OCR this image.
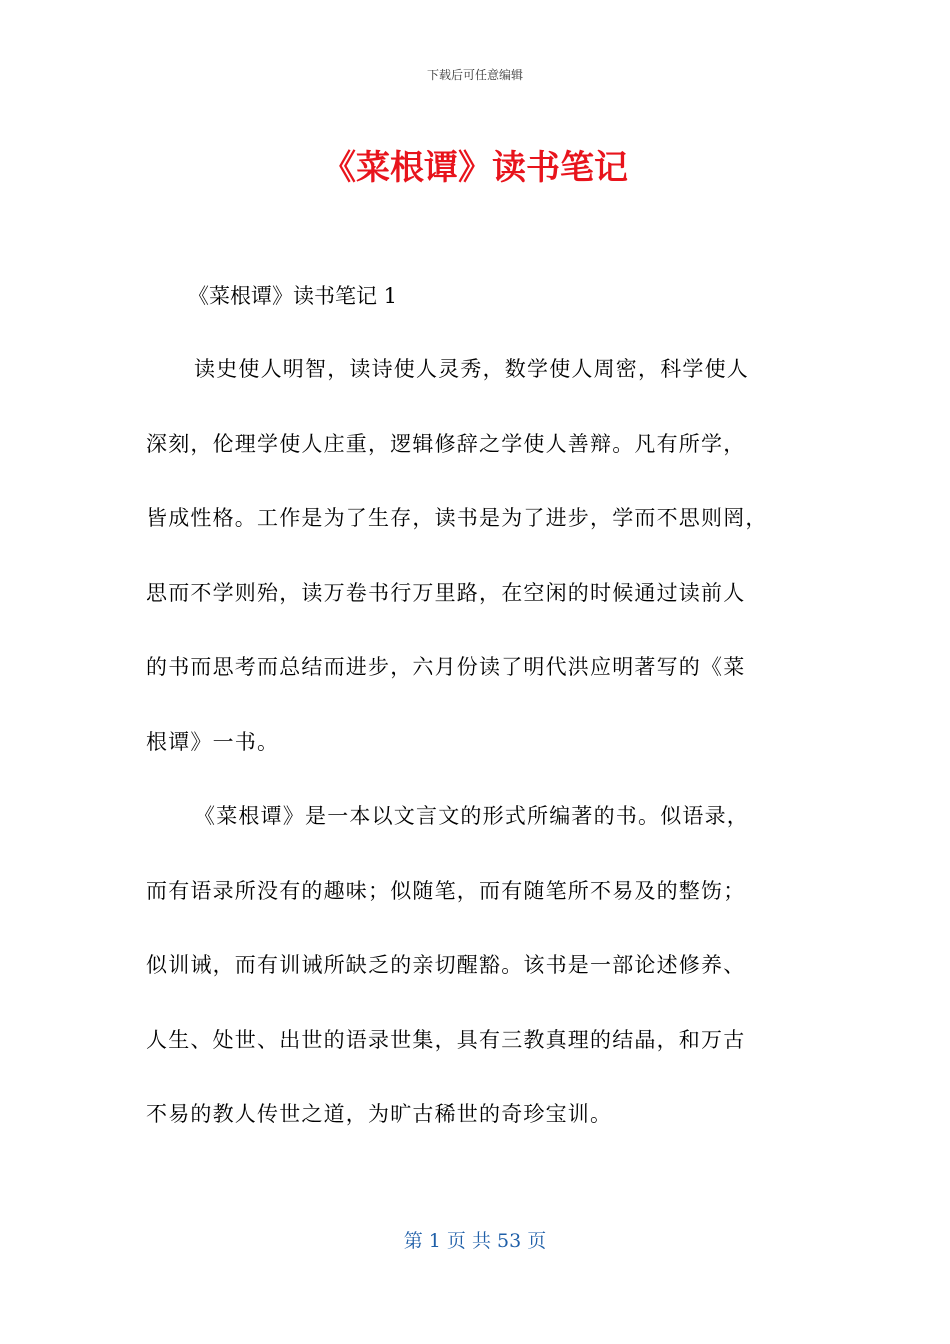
下载后可任意编辑
《菜根谭》读书笔记
《菜根谭》读书笔记 1
读史使人明智，读诗使人灵秀，数学使人周密，科学使人
深刻，伦理学使人庄重，逻辑修辞之学使人善辩。凡有所学，
皆成性格。工作是为了生存，读书是为了进步，学而不思则罔，
思而不学则殆，读万卷书行万里路，在空闲的时候通过读前人
的书而思考而总结而进步，六月份读了明代洪应明著写的《菜
根谭》一书。
《菜根谭》是一本以文言文的形式所编著的书。似语录，
而有语录所没有的趣味；似随笔，而有随笔所不易及的整饬；
似训诫，而有训诫所缺乏的亲切醒豁。该书是一部论述修养、
人生、处世、出世的语录世集，具有三教真理的结晶，和万古
不易的教人传世之道，为旷古稀世的奇珍宝训。
第 1 页 共 53 页
